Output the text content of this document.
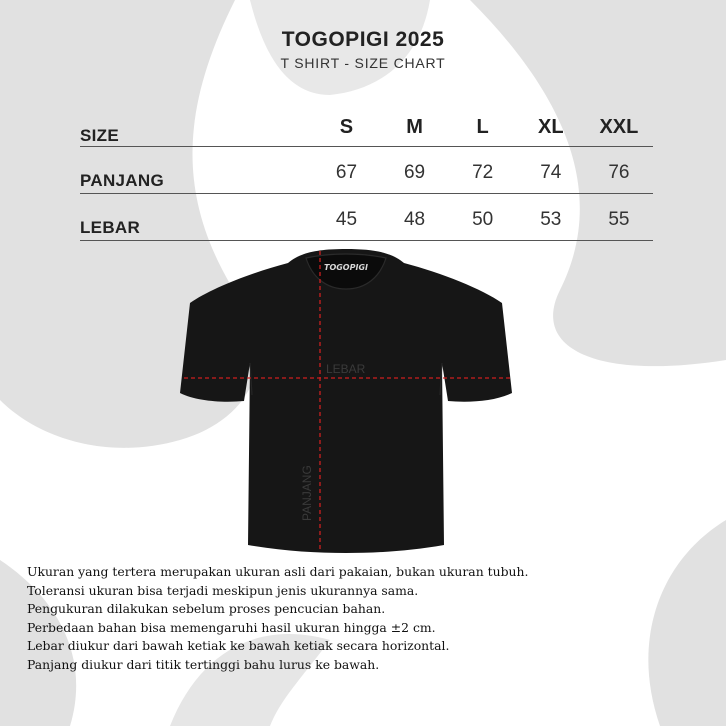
TOGOPIGI 2025
T SHIRT - SIZE CHART
SIZE	S	M	L	XL	XXL
PANJANG	67	69	72	74	76
LEBAR	45	48	50	53	55
TOGOPIGI
LEBAR
PANJANG
Ukuran yang tertera merupakan ukuran asli dari pakaian, bukan ukuran tubuh.
Toleransi ukuran bisa terjadi meskipun jenis ukurannya sama.
Pengukuran dilakukan sebelum proses pencucian bahan.
Perbedaan bahan bisa memengaruhi hasil ukuran hingga ±2 cm.
Lebar diukur dari bawah ketiak ke bawah ketiak secara horizontal.
Panjang diukur dari titik tertinggi bahu lurus ke bawah.
